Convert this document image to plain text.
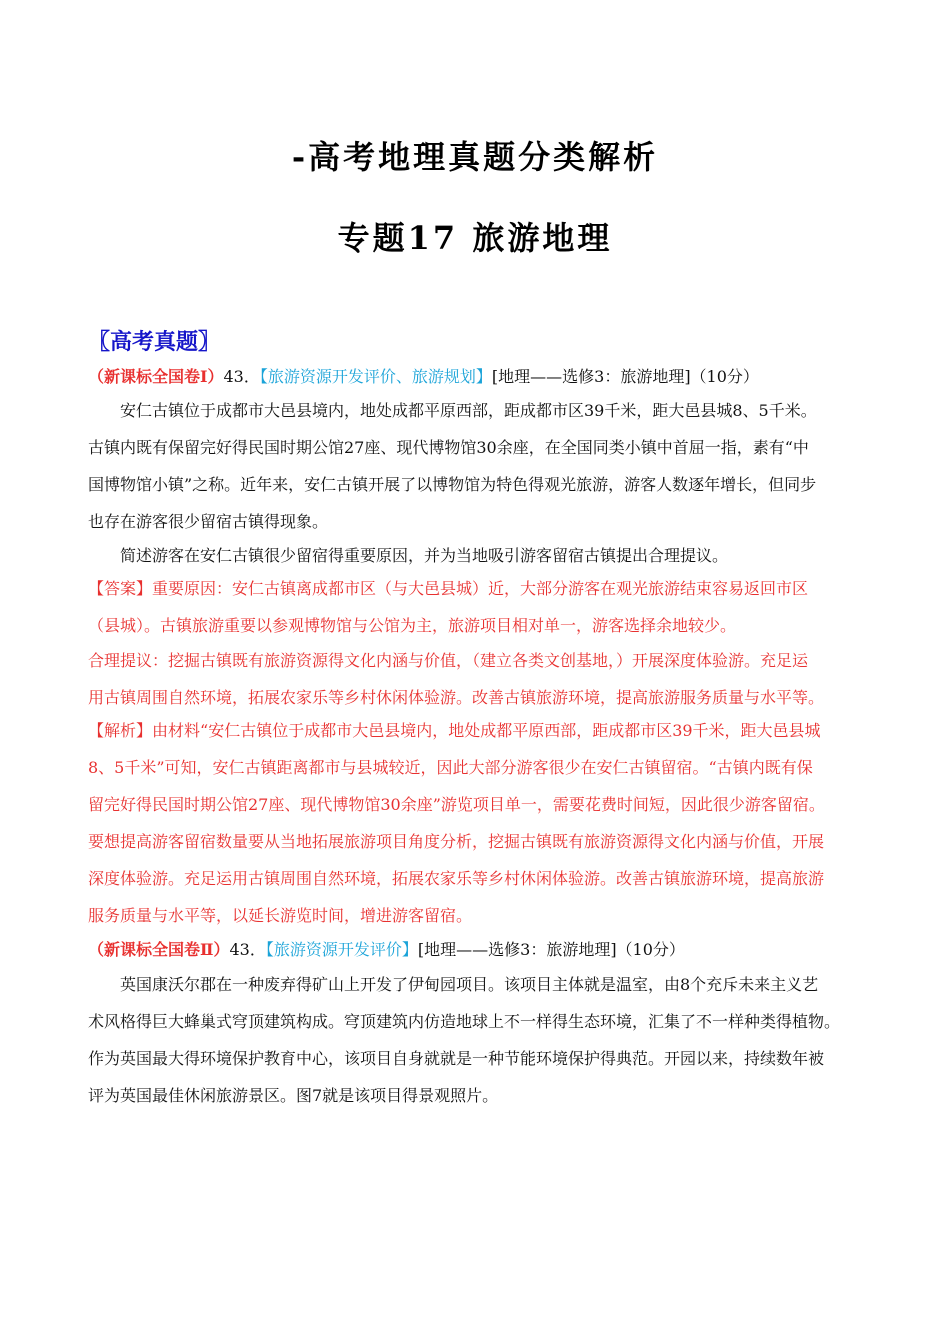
-高考地理真题分类解析
专题17 旅游地理
〖高考真题〗
（新课标全国卷Ⅰ）43．【旅游资源开发评价、旅游规划】[地理——选修3：旅游地理]（10分）
安仁古镇位于成都市大邑县境内，地处成都平原西部，距成都市区39千米，距大邑县城8、5千米。
古镇内既有保留完好得民国时期公馆27座、现代博物馆30余座，在全国同类小镇中首屈一指，素有“中
国博物馆小镇”之称。近年来，安仁古镇开展了以博物馆为特色得观光旅游，游客人数逐年增长，但同步
也存在游客很少留宿古镇得现象。
简述游客在安仁古镇很少留宿得重要原因，并为当地吸引游客留宿古镇提出合理提议。
【答案】重要原因：安仁古镇离成都市区（与大邑县城）近，大部分游客在观光旅游结束容易返回市区
（县城）。古镇旅游重要以参观博物馆与公馆为主，旅游项目相对单一，游客选择余地较少。
合理提议：挖掘古镇既有旅游资源得文化内涵与价值，（建立各类文创基地，）开展深度体验游。充足运
用古镇周围自然环境，拓展农家乐等乡村休闲体验游。改善古镇旅游环境，提高旅游服务质量与水平等。
【解析】由材料“安仁古镇位于成都市大邑县境内，地处成都平原西部，距成都市区39千米，距大邑县城
8、5千米”可知，安仁古镇距离都市与县城较近，因此大部分游客很少在安仁古镇留宿。“古镇内既有保
留完好得民国时期公馆27座、现代博物馆30余座”游览项目单一，需要花费时间短，因此很少游客留宿。
要想提高游客留宿数量要从当地拓展旅游项目角度分析，挖掘古镇既有旅游资源得文化内涵与价值，开展
深度体验游。充足运用古镇周围自然环境，拓展农家乐等乡村休闲体验游。改善古镇旅游环境，提高旅游
服务质量与水平等，以延长游览时间，增进游客留宿。
（新课标全国卷Ⅱ）43．【旅游资源开发评价】[地理——选修3：旅游地理]（10分）
英国康沃尔郡在一种废弃得矿山上开发了伊甸园项目。该项目主体就是温室，由8个充斥未来主义艺
术风格得巨大蜂巢式穹顶建筑构成。穹顶建筑内仿造地球上不一样得生态环境，汇集了不一样种类得植物。
作为英国最大得环境保护教育中心，该项目自身就就是一种节能环境保护得典范。开园以来，持续数年被
评为英国最佳休闲旅游景区。图7就是该项目得景观照片。
